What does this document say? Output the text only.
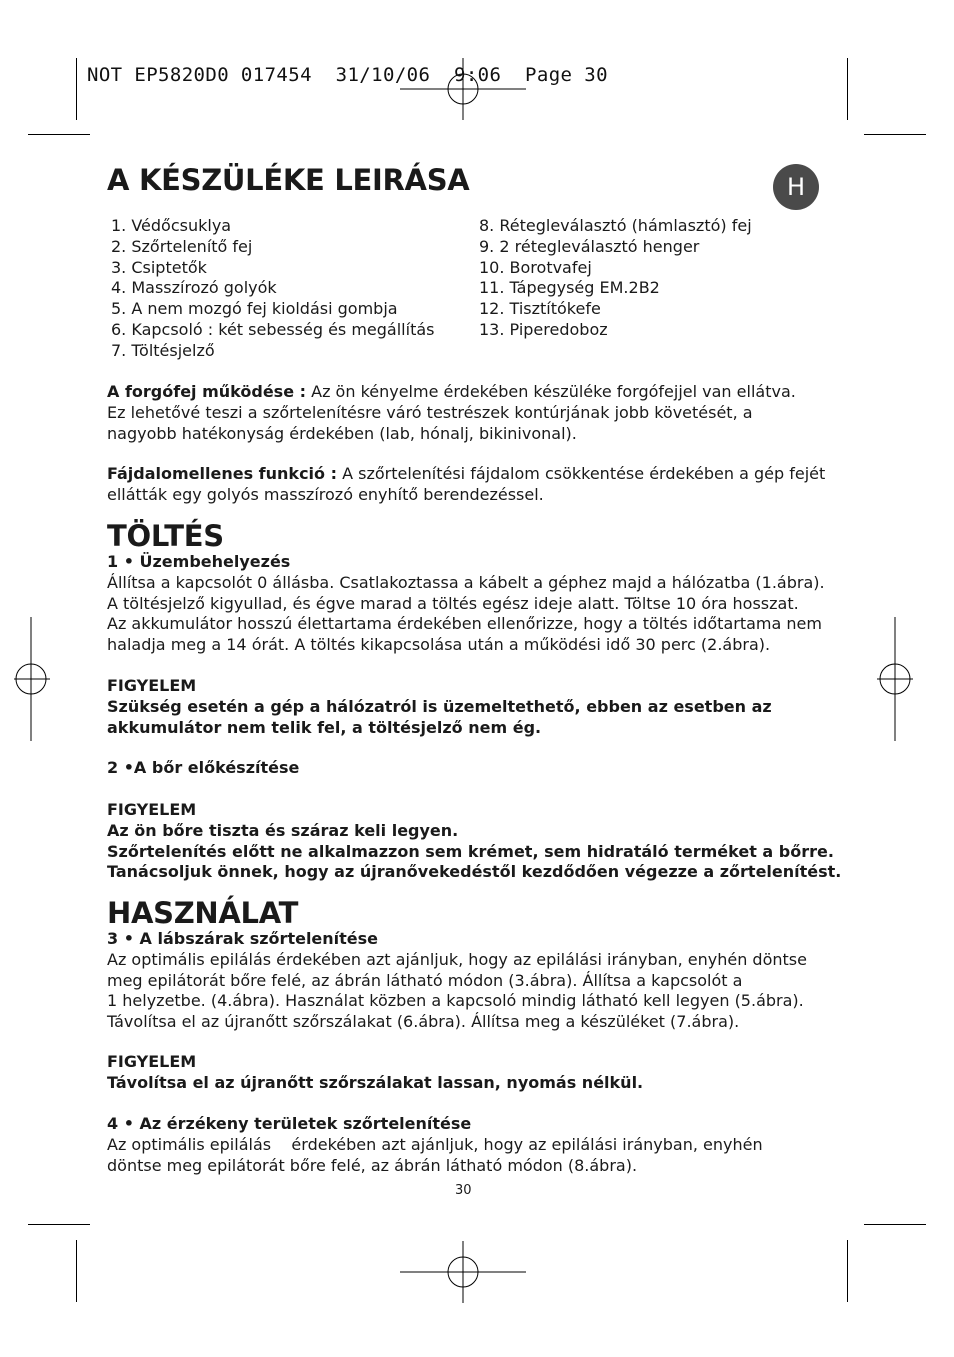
NOT EP5820D0 017454  31/10/06  9:06  Page 30
H
A KÉSZÜLÉKE LEIRÁSA
1. Védőcsuklya
2. Szőrtelenítő fej
3. Csiptetők
4. Masszírozó golyók
5. A nem mozgó fej kioldási gombja
6. Kapcsoló : két sebesség és megállítás
7. Töltésjelző
8. Rétegleválasztó (hámlasztó) fej
9. 2 rétegleválasztó henger
10. Borotvafej
11. Tápegység EM.2B2
12. Tisztítókefe
13. Piperedoboz
A forgófej működése : Az ön kényelme érdekében készüléke forgófejjel van ellátva.
Ez lehetővé teszi a szőrtelenítésre váró testrészek kontúrjának jobb követését, a
nagyobb hatékonyság érdekében (lab, hónalj, bikinivonal).
Fájdalomellenes funkció : A szőrtelenítési fájdalom csökkentése érdekében a gép fejét
ellátták egy golyós masszírozó enyhítő berendezéssel.
TÖLTÉS
1 • Üzembehelyezés
Állítsa a kapcsolót 0 állásba. Csatlakoztassa a kábelt a géphez majd a hálózatba (1.ábra).
A töltésjelző kigyullad, és égve marad a töltés egész ideje alatt. Töltse 10 óra hosszat.
Az akkumulátor hosszú élettartama érdekében ellenőrizze, hogy a töltés időtartama nem
haladja meg a 14 órát. A töltés kikapcsolása után a működési idő 30 perc (2.ábra).
FIGYELEM
Szükség esetén a gép a hálózatról is üzemeltethető, ebben az esetben az
akkumulátor nem telik fel, a töltésjelző nem ég.
2 •A bőr előkészítése
FIGYELEM
Az ön bőre tiszta és száraz keli legyen.
Szőrtelenítés előtt ne alkalmazzon sem krémet, sem hidratáló terméket a bőrre.
Tanácsoljuk önnek, hogy az újranővekedéstől kezdődően végezze a zőrtelenítést.
HASZNÁLAT
3 • A lábszárak szőrtelenítése
Az optimális epilálás érdekében azt ajánljuk, hogy az epilálási irányban, enyhén döntse
meg epilátorát bőre felé, az ábrán látható módon (3.ábra). Állítsa a kapcsolót a
1 helyzetbe. (4.ábra). Használat közben a kapcsoló mindig látható kell legyen (5.ábra).
Távolítsa el az újranőtt szőrszálakat (6.ábra). Állítsa meg a készüléket (7.ábra).
FIGYELEM
Távolítsa el az újranőtt szőrszálakat lassan, nyomás nélkül.
4 • Az érzékeny területek szőrtelenítése
Az optimális epilálás    érdekében azt ajánljuk, hogy az epilálási irányban, enyhén
döntse meg epilátorát bőre felé, az ábrán látható módon (8.ábra).
30
